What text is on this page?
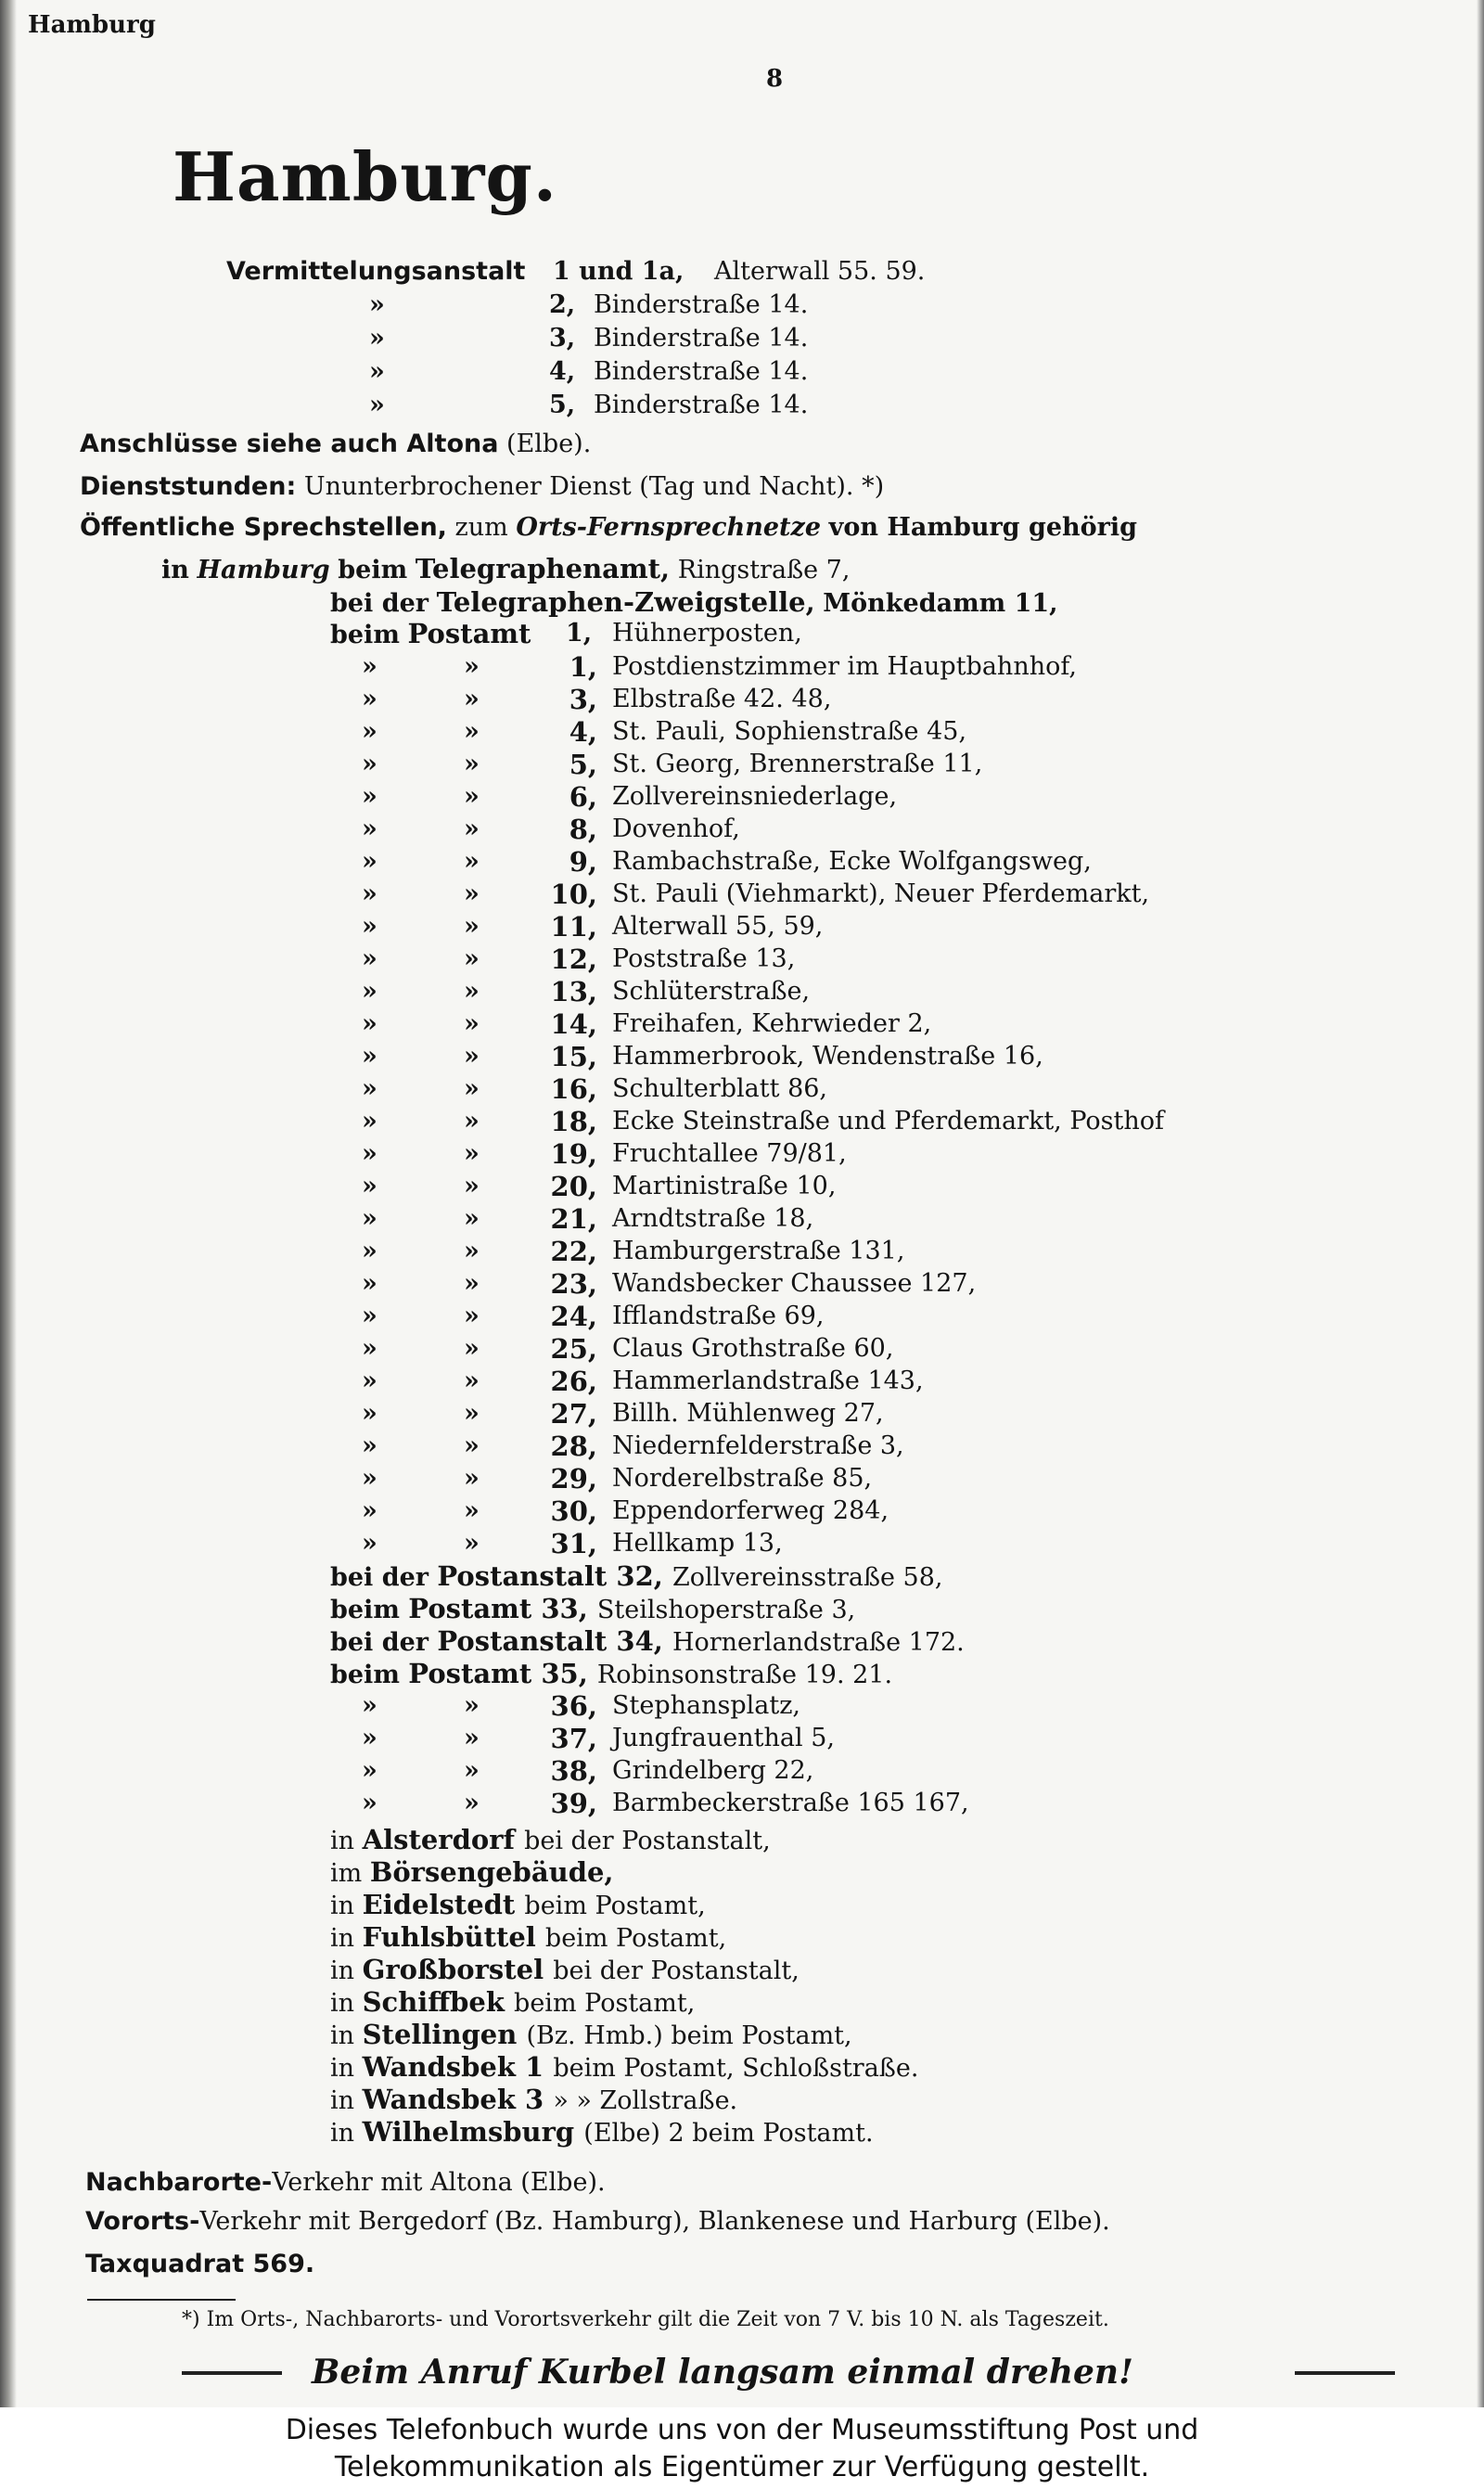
Hamburg
8
Hamburg.
Vermittelungsanstalt 1 und 1a, Alterwall 55. 59.
»	2, Binderstraße 14.
»	3, Binderstraße 14.
»	4, Binderstraße 14.
»	5, Binderstraße 14.
Anschlüsse siehe auch Altona (Elbe).
Dienststunden: Ununterbrochener Dienst (Tag und Nacht). *)
Öffentliche Sprechstellen, zum Orts-Fernsprechnetze von Hamburg gehörig
in Hamburg beim Telegraphenamt, Ringstraße 7,
bei der Telegraphen-Zweigstelle, Mönkedamm 11,
beim Postamt 1, Hühnerposten,
»	»	1, Postdienstzimmer im Hauptbahnhof,
»	»	3, Elbstraße 42. 48,
»	»	4, St. Pauli, Sophienstraße 45,
»	»	5, St. Georg, Brennerstraße 11,
»	»	6, Zollvereinsniederlage,
»	»	8, Dovenhof,
»	»	9, Rambachstraße, Ecke Wolfgangsweg,
»	»	10, St. Pauli (Viehmarkt), Neuer Pferdemarkt,
»	»	11, Alterwall 55, 59,
»	»	12, Poststraße 13,
»	»	13, Schlüterstraße,
»	»	14, Freihafen, Kehrwieder 2,
»	»	15, Hammerbrook, Wendenstraße 16,
»	»	16, Schulterblatt 86,
»	»	18, Ecke Steinstraße und Pferdemarkt, Posthof
»	»	19, Fruchtallee 79/81,
»	»	20, Martinistraße 10,
»	»	21, Arndtstraße 18,
»	»	22, Hamburgerstraße 131,
»	»	23, Wandsbecker Chaussee 127,
»	»	24, Ifflandstraße 69,
»	»	25, Claus Grothstraße 60,
»	»	26, Hammerlandstraße 143,
»	»	27, Billh. Mühlenweg 27,
»	»	28, Niedernfelderstraße 3,
»	»	29, Norderelbstraße 85,
»	»	30, Eppendorferweg 284,
»	»	31, Hellkamp 13,
bei der Postanstalt 32, Zollvereinsstraße 58,
beim Postamt 33, Steilshoperstraße 3,
bei der Postanstalt 34, Hornerlandstraße 172.
beim Postamt 35, Robinsonstraße 19. 21.
»	»	36, Stephansplatz,
»	»	37, Jungfrauenthal 5,
»	»	38, Grindelberg 22,
»	»	39, Barmbeckerstraße 165 167,
in Alsterdorf bei der Postanstalt,
im Börsengebäude,
in Eidelstedt beim Postamt,
in Fuhlsbüttel beim Postamt,
in Großborstel bei der Postanstalt,
in Schiffbek beim Postamt,
in Stellingen (Bz. Hmb.) beim Postamt,
in Wandsbek 1 beim Postamt, Schloßstraße.
in Wandsbek 3 » » Zollstraße.
in Wilhelmsburg (Elbe) 2 beim Postamt.
Nachbarorte-Verkehr mit Altona (Elbe).
Vororts-Verkehr mit Bergedorf (Bz. Hamburg), Blankenese und Harburg (Elbe).
Taxquadrat 569.
*) Im Orts-, Nachbarorts- und Vorortsverkehr gilt die Zeit von 7 V. bis 10 N. als Tageszeit.
Beim Anruf Kurbel langsam einmal drehen!
Dieses Telefonbuch wurde uns von der Museumsstiftung Post und
Telekommunikation als Eigentümer zur Verfügung gestellt.
